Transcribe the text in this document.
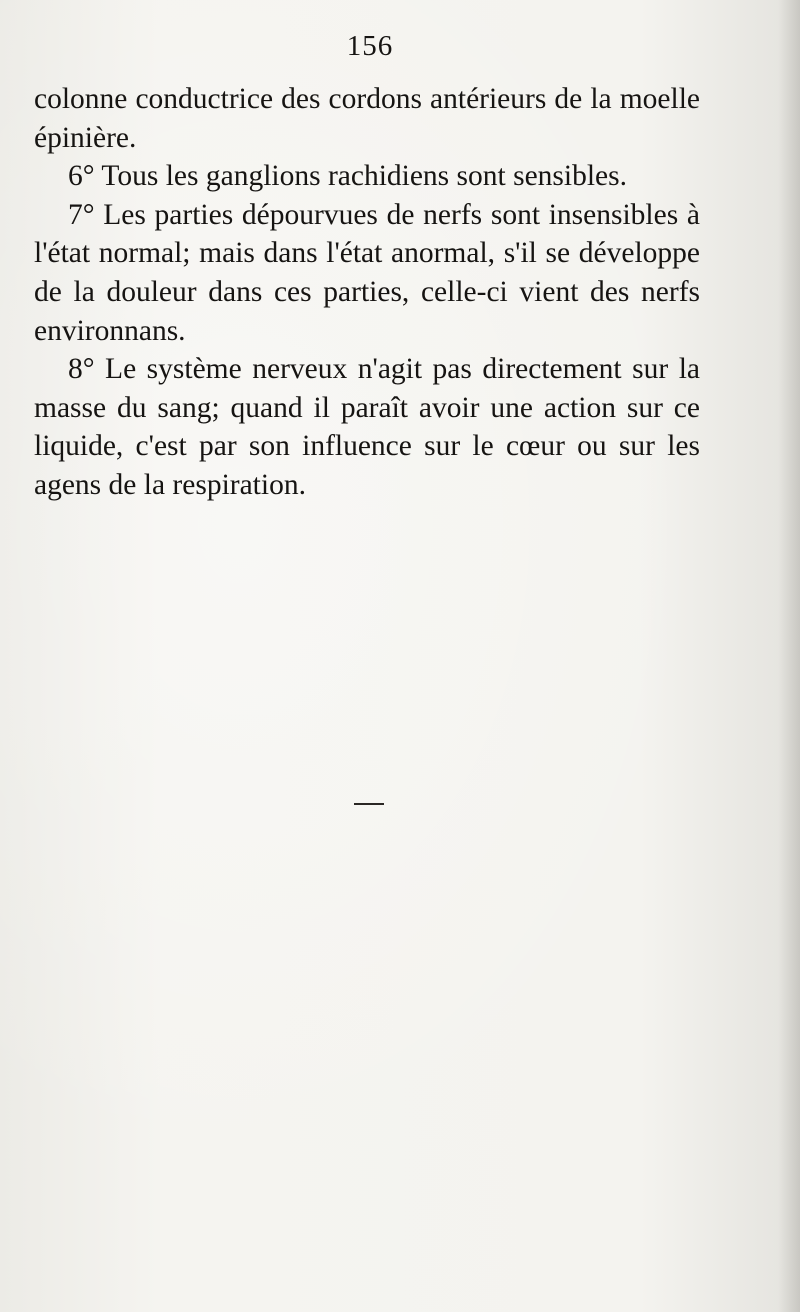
156

colonne conductrice des cordons antérieurs de la moelle épinière.

6° Tous les ganglions rachidiens sont sensibles.

7° Les parties dépourvues de nerfs sont insensibles à l'état normal; mais dans l'état anormal, s'il se développe de la douleur dans ces parties, celle-ci vient des nerfs environnans.

8° Le système nerveux n'agit pas directement sur la masse du sang; quand il paraît avoir une action sur ce liquide, c'est par son influence sur le cœur ou sur les agens de la respiration.
